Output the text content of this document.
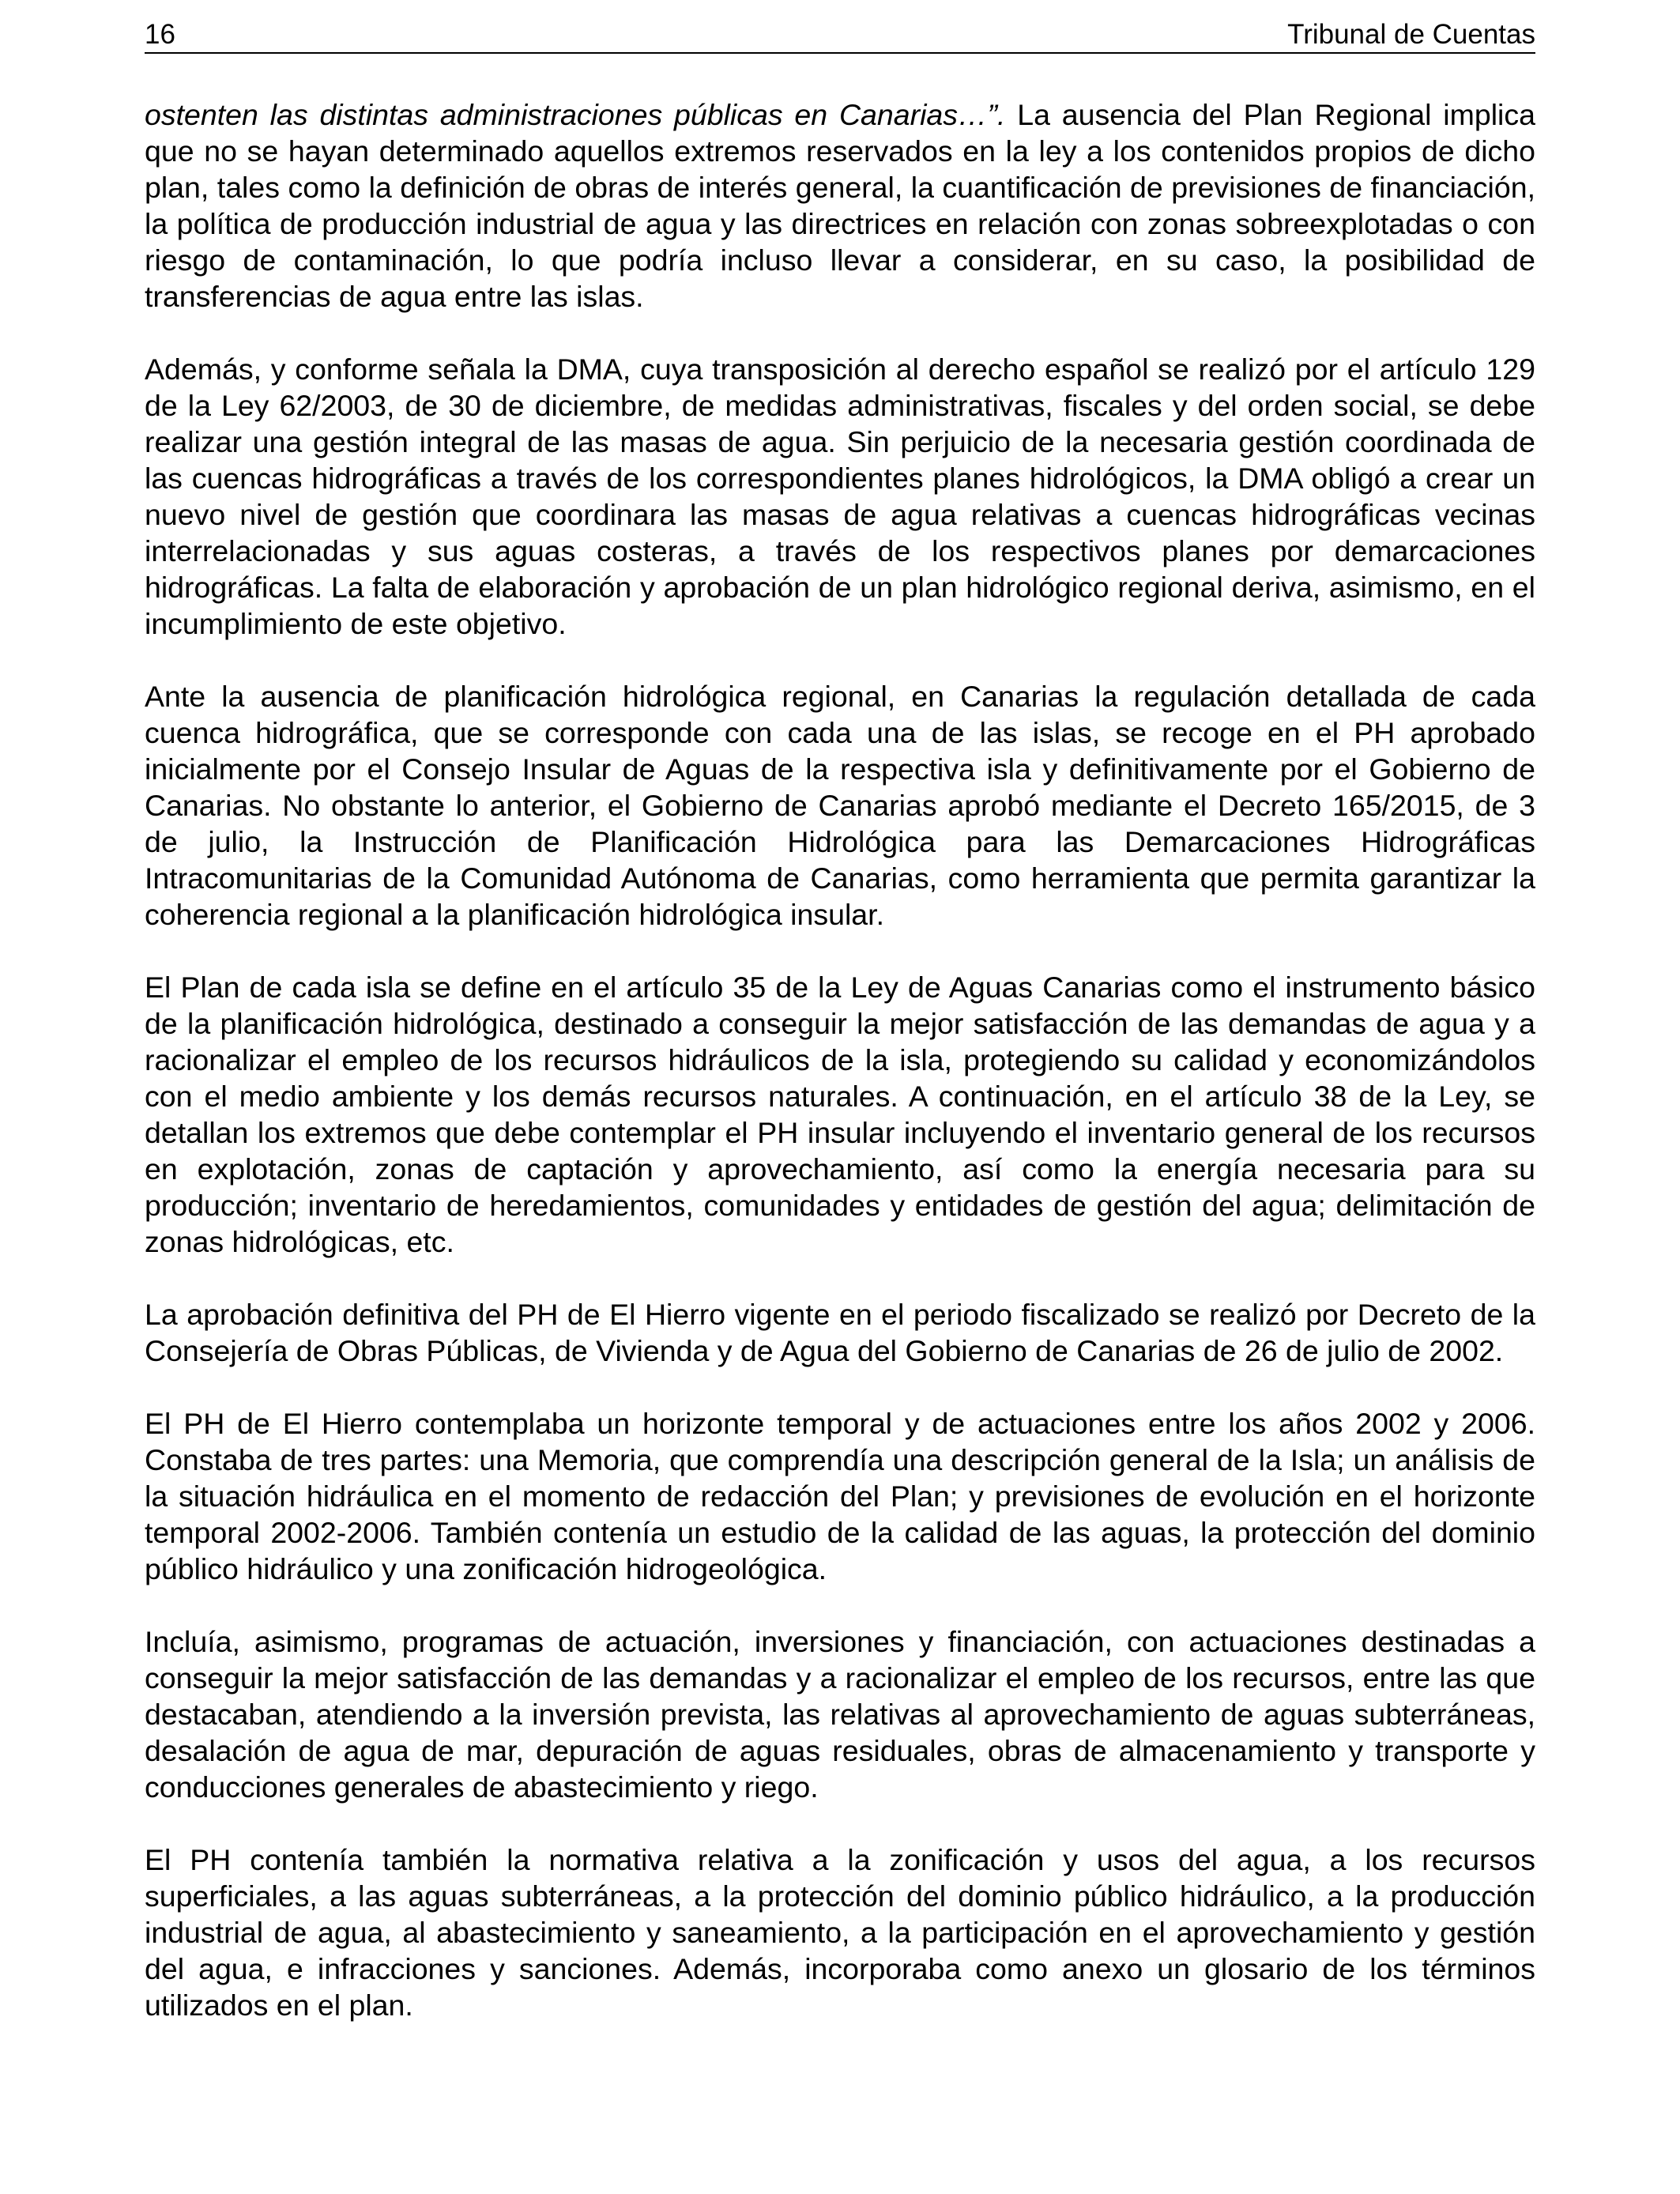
16	Tribunal de Cuentas

ostenten las distintas administraciones públicas en Canarias…”. La ausencia del Plan Regional implica que no se hayan determinado aquellos extremos reservados en la ley a los contenidos propios de dicho plan, tales como la definición de obras de interés general, la cuantificación de previsiones de financiación, la política de producción industrial de agua y las directrices en relación con zonas sobreexplotadas o con riesgo de contaminación, lo que podría incluso llevar a considerar, en su caso, la posibilidad de transferencias de agua entre las islas.

Además, y conforme señala la DMA, cuya transposición al derecho español se realizó por el artículo 129 de la Ley 62/2003, de 30 de diciembre, de medidas administrativas, fiscales y del orden social, se debe realizar una gestión integral de las masas de agua. Sin perjuicio de la necesaria gestión coordinada de las cuencas hidrográficas a través de los correspondientes planes hidrológicos, la DMA obligó a crear un nuevo nivel de gestión que coordinara las masas de agua relativas a cuencas hidrográficas vecinas interrelacionadas y sus aguas costeras, a través de los respectivos planes por demarcaciones hidrográficas. La falta de elaboración y aprobación de un plan hidrológico regional deriva, asimismo, en el incumplimiento de este objetivo.

Ante la ausencia de planificación hidrológica regional, en Canarias la regulación detallada de cada cuenca hidrográfica, que se corresponde con cada una de las islas, se recoge en el PH aprobado inicialmente por el Consejo Insular de Aguas de la respectiva isla y definitivamente por el Gobierno de Canarias. No obstante lo anterior, el Gobierno de Canarias aprobó mediante el Decreto 165/2015, de 3 de julio, la Instrucción de Planificación Hidrológica para las Demarcaciones Hidrográficas Intracomunitarias de la Comunidad Autónoma de Canarias, como herramienta que permita garantizar la coherencia regional a la planificación hidrológica insular.

El Plan de cada isla se define en el artículo 35 de la Ley de Aguas Canarias como el instrumento básico de la planificación hidrológica, destinado a conseguir la mejor satisfacción de las demandas de agua y a racionalizar el empleo de los recursos hidráulicos de la isla, protegiendo su calidad y economizándolos con el medio ambiente y los demás recursos naturales. A continuación, en el artículo 38 de la Ley, se detallan los extremos que debe contemplar el PH insular incluyendo el inventario general de los recursos en explotación, zonas de captación y aprovechamiento, así como la energía necesaria para su producción; inventario de heredamientos, comunidades y entidades de gestión del agua; delimitación de zonas hidrológicas, etc.

La aprobación definitiva del PH de El Hierro vigente en el periodo fiscalizado se realizó por Decreto de la Consejería de Obras Públicas, de Vivienda y de Agua del Gobierno de Canarias de 26 de julio de 2002.

El PH de El Hierro contemplaba un horizonte temporal y de actuaciones entre los años 2002 y 2006. Constaba de tres partes: una Memoria, que comprendía una descripción general de la Isla; un análisis de la situación hidráulica en el momento de redacción del Plan; y previsiones de evolución en el horizonte temporal 2002-2006. También contenía un estudio de la calidad de las aguas, la protección del dominio público hidráulico y una zonificación hidrogeológica.

Incluía, asimismo, programas de actuación, inversiones y financiación, con actuaciones destinadas a conseguir la mejor satisfacción de las demandas y a racionalizar el empleo de los recursos, entre las que destacaban, atendiendo a la inversión prevista, las relativas al aprovechamiento de aguas subterráneas, desalación de agua de mar, depuración de aguas residuales, obras de almacenamiento y transporte y conducciones generales de abastecimiento y riego.

El PH contenía también la normativa relativa a la zonificación y usos del agua, a los recursos superficiales, a las aguas subterráneas, a la protección del dominio público hidráulico, a la producción industrial de agua, al abastecimiento y saneamiento, a la participación en el aprovechamiento y gestión del agua, e infracciones y sanciones. Además, incorporaba como anexo un glosario de los términos utilizados en el plan.
